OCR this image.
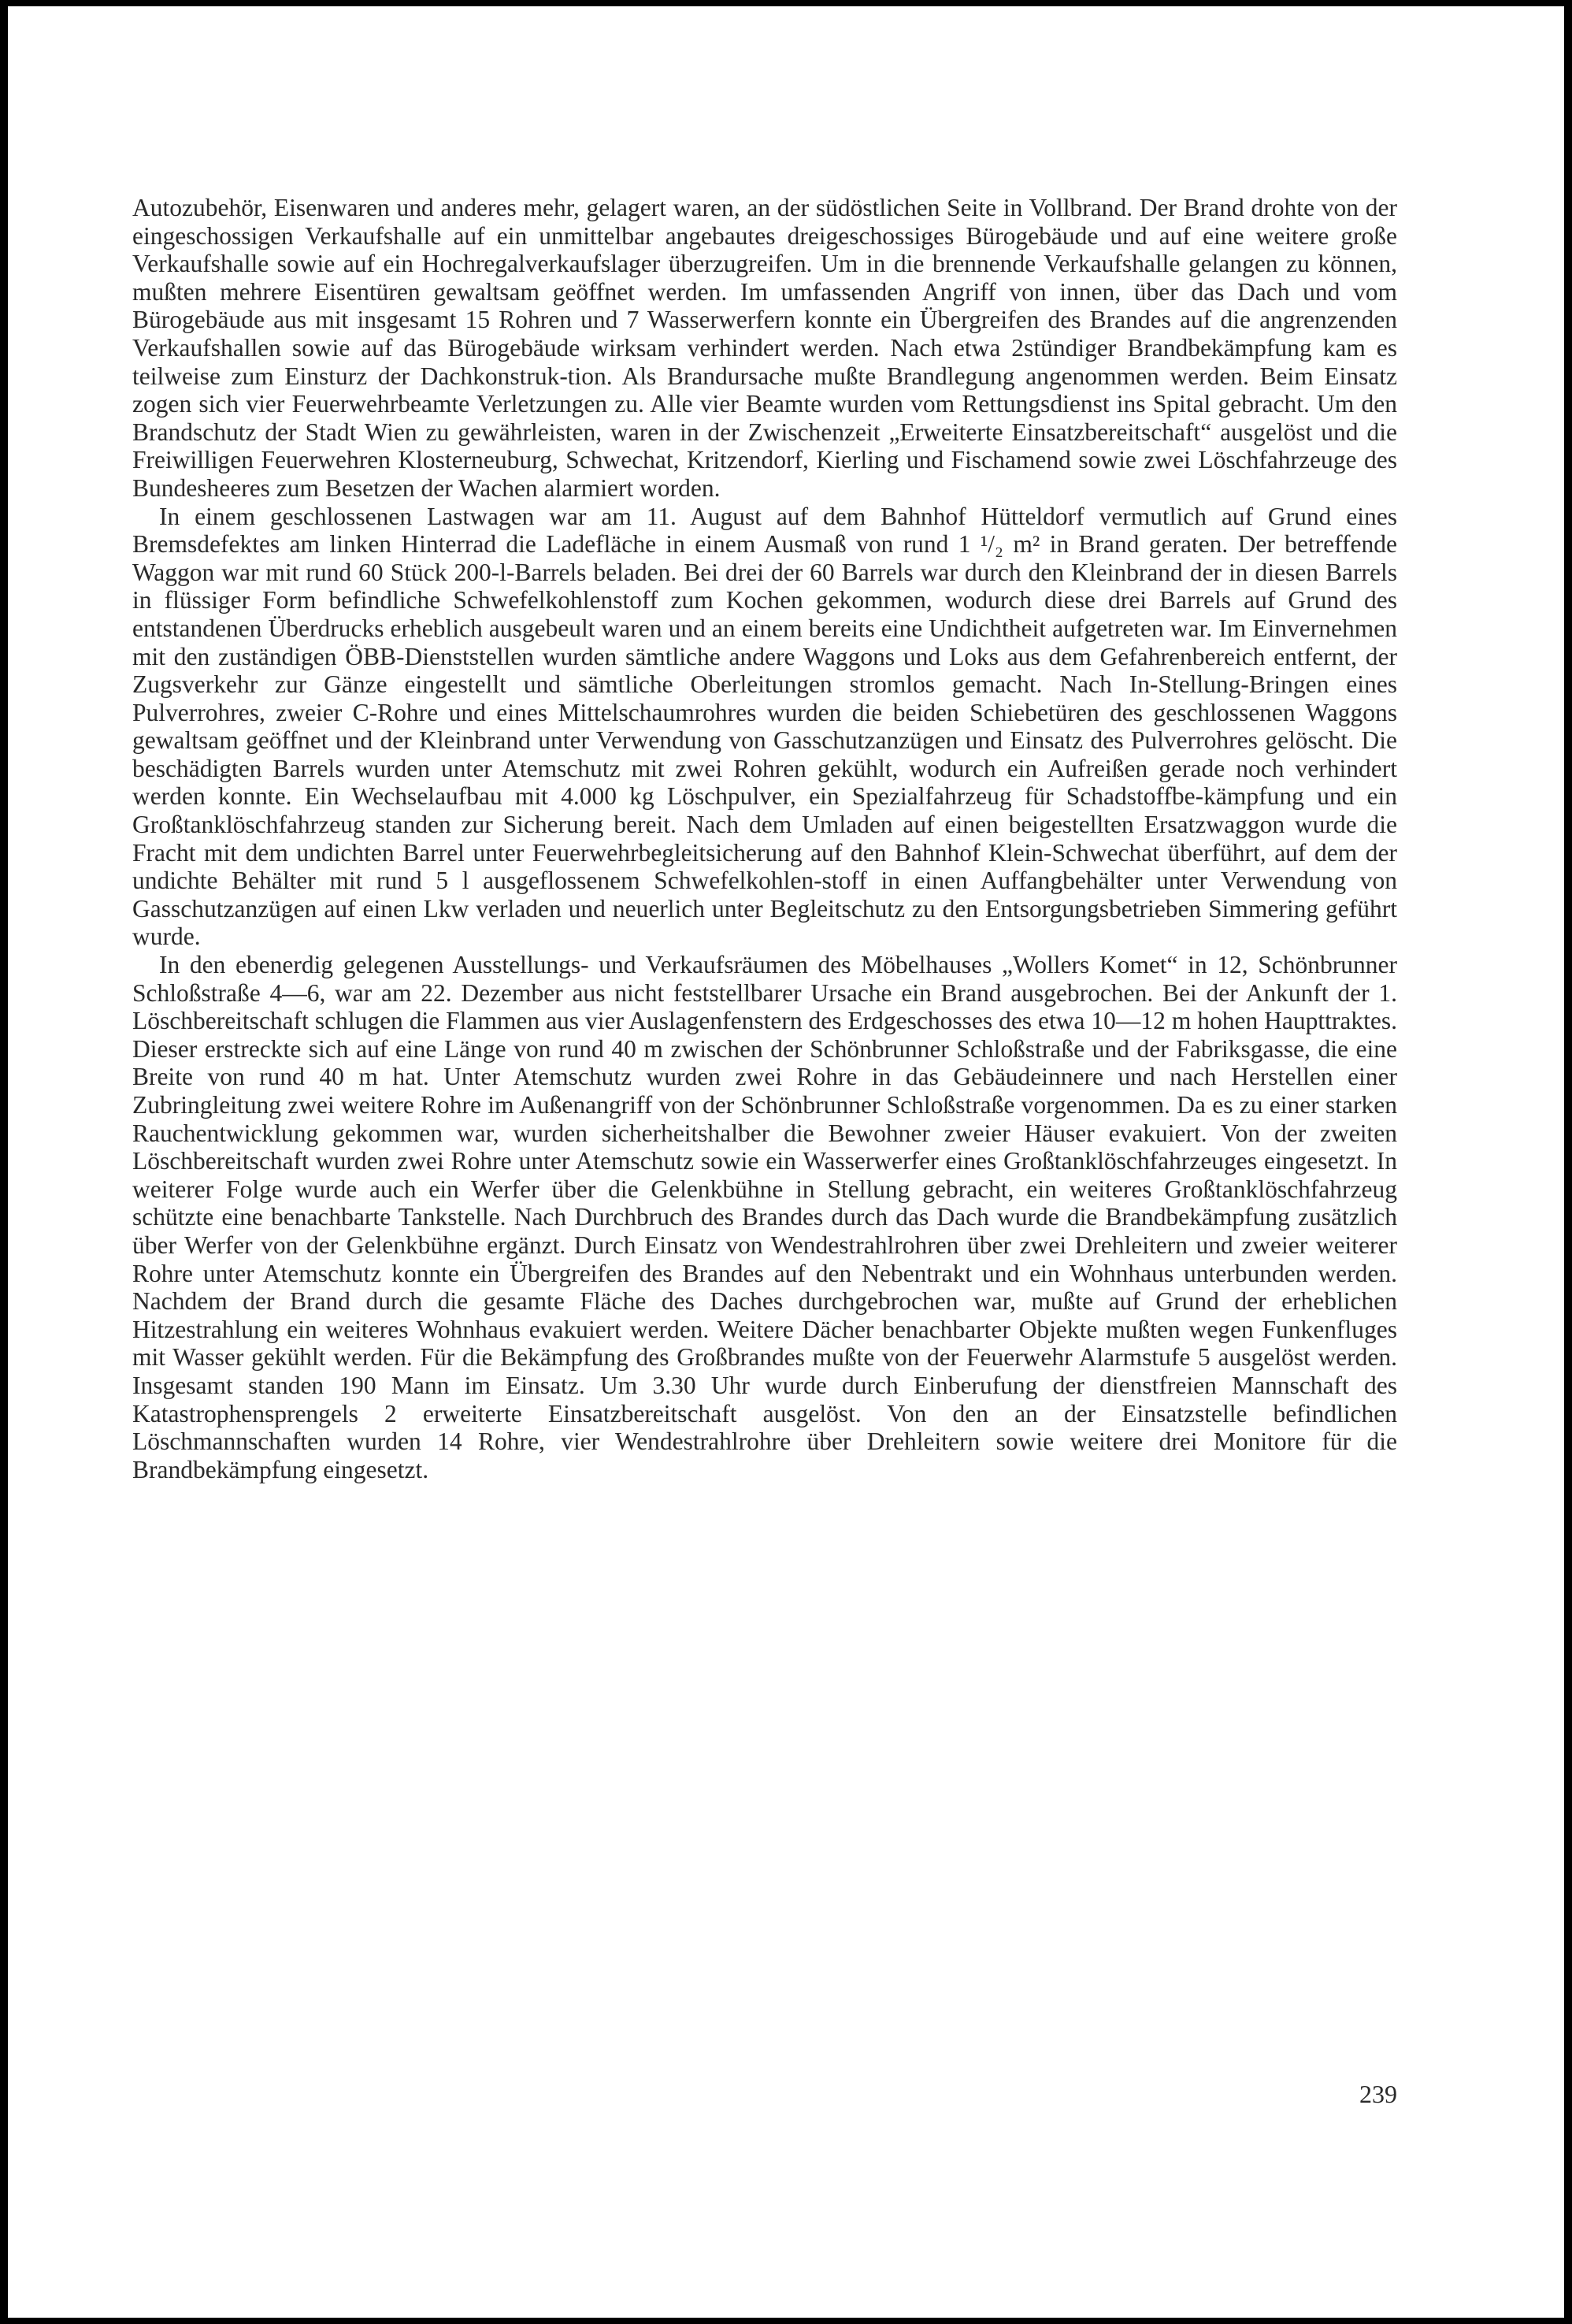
Autozubehör, Eisenwaren und anderes mehr, gelagert waren, an der südöstlichen Seite in Vollbrand. Der Brand drohte von der eingeschossigen Verkaufshalle auf ein unmittelbar angebautes dreigeschossiges Bürogebäude und auf eine weitere große Verkaufshalle sowie auf ein Hochregalverkaufslager überzugreifen. Um in die brennende Verkaufshalle gelangen zu können, mußten mehrere Eisentüren gewaltsam geöffnet werden. Im umfassenden Angriff von innen, über das Dach und vom Bürogebäude aus mit insgesamt 15 Rohren und 7 Wasserwerfern konnte ein Übergreifen des Brandes auf die angrenzenden Verkaufshallen sowie auf das Bürogebäude wirksam verhindert werden. Nach etwa 2stündiger Brandbekämpfung kam es teilweise zum Einsturz der Dachkonstruk-tion. Als Brandursache mußte Brandlegung angenommen werden. Beim Einsatz zogen sich vier Feuerwehrbeamte Verletzungen zu. Alle vier Beamte wurden vom Rettungsdienst ins Spital gebracht. Um den Brandschutz der Stadt Wien zu gewährleisten, waren in der Zwischenzeit „Erweiterte Einsatzbereitschaft“ ausgelöst und die Freiwilligen Feuerwehren Klosterneuburg, Schwechat, Kritzendorf, Kierling und Fischamend sowie zwei Löschfahrzeuge des Bundesheeres zum Besetzen der Wachen alarmiert worden.

In einem geschlossenen Lastwagen war am 11. August auf dem Bahnhof Hütteldorf vermutlich auf Grund eines Bremsdefektes am linken Hinterrad die Ladefläche in einem Ausmaß von rund 1 ¹/₂ m² in Brand geraten. Der betreffende Waggon war mit rund 60 Stück 200-l-Barrels beladen. Bei drei der 60 Barrels war durch den Kleinbrand der in diesen Barrels in flüssiger Form befindliche Schwefelkohlenstoff zum Kochen gekommen, wodurch diese drei Barrels auf Grund des entstandenen Überdrucks erheblich ausgebeult waren und an einem bereits eine Undichtheit aufgetreten war. Im Einvernehmen mit den zuständigen ÖBB-Dienststellen wurden sämtliche andere Waggons und Loks aus dem Gefahrenbereich entfernt, der Zugsverkehr zur Gänze eingestellt und sämtliche Oberleitungen stromlos gemacht. Nach In-Stellung-Bringen eines Pulverrohres, zweier C-Rohre und eines Mittelschaumrohres wurden die beiden Schiebetüren des geschlossenen Waggons gewaltsam geöffnet und der Kleinbrand unter Verwendung von Gasschutzanzügen und Einsatz des Pulverrohres gelöscht. Die beschädigten Barrels wurden unter Atemschutz mit zwei Rohren gekühlt, wodurch ein Aufreißen gerade noch verhindert werden konnte. Ein Wechselaufbau mit 4.000 kg Löschpulver, ein Spezialfahrzeug für Schadstoffbe-kämpfung und ein Großtanklöschfahrzeug standen zur Sicherung bereit. Nach dem Umladen auf einen beigestellten Ersatzwaggon wurde die Fracht mit dem undichten Barrel unter Feuerwehrbegleitsicherung auf den Bahnhof Klein-Schwechat überführt, auf dem der undichte Behälter mit rund 5 l ausgeflossenem Schwefelkohlen-stoff in einen Auffangbehälter unter Verwendung von Gasschutzanzügen auf einen Lkw verladen und neuerlich unter Begleitschutz zu den Entsorgungsbetrieben Simmering geführt wurde.

In den ebenerdig gelegenen Ausstellungs- und Verkaufsräumen des Möbelhauses „Wollers Komet“ in 12, Schönbrunner Schloßstraße 4—6, war am 22. Dezember aus nicht feststellbarer Ursache ein Brand ausgebrochen. Bei der Ankunft der 1. Löschbereitschaft schlugen die Flammen aus vier Auslagenfenstern des Erdgeschosses des etwa 10—12 m hohen Haupttraktes. Dieser erstreckte sich auf eine Länge von rund 40 m zwischen der Schönbrunner Schloßstraße und der Fabriksgasse, die eine Breite von rund 40 m hat. Unter Atemschutz wurden zwei Rohre in das Gebäudeinnere und nach Herstellen einer Zubringleitung zwei weitere Rohre im Außenangriff von der Schönbrunner Schloßstraße vorgenommen. Da es zu einer starken Rauchentwicklung gekommen war, wurden sicherheitshalber die Bewohner zweier Häuser evakuiert. Von der zweiten Löschbereitschaft wurden zwei Rohre unter Atemschutz sowie ein Wasserwerfer eines Großtanklöschfahrzeuges eingesetzt. In weiterer Folge wurde auch ein Werfer über die Gelenkbühne in Stellung gebracht, ein weiteres Großtanklöschfahrzeug schützte eine benachbarte Tankstelle. Nach Durchbruch des Brandes durch das Dach wurde die Brandbekämpfung zusätzlich über Werfer von der Gelenkbühne ergänzt. Durch Einsatz von Wendestrahlrohren über zwei Drehleitern und zweier weiterer Rohre unter Atemschutz konnte ein Übergreifen des Brandes auf den Nebentrakt und ein Wohnhaus unterbunden werden. Nachdem der Brand durch die gesamte Fläche des Daches durchgebrochen war, mußte auf Grund der erheblichen Hitzestrahlung ein weiteres Wohnhaus evakuiert werden. Weitere Dächer benachbarter Objekte mußten wegen Funkenfluges mit Wasser gekühlt werden. Für die Bekämpfung des Großbrandes mußte von der Feuerwehr Alarmstufe 5 ausgelöst werden. Insgesamt standen 190 Mann im Einsatz. Um 3.30 Uhr wurde durch Einberufung der dienstfreien Mannschaft des Katastrophensprengels 2 erweiterte Einsatzbereitschaft ausgelöst. Von den an der Einsatzstelle befindlichen Löschmannschaften wurden 14 Rohre, vier Wendestrahlrohre über Drehleitern sowie weitere drei Monitore für die Brandbekämpfung eingesetzt.

239
